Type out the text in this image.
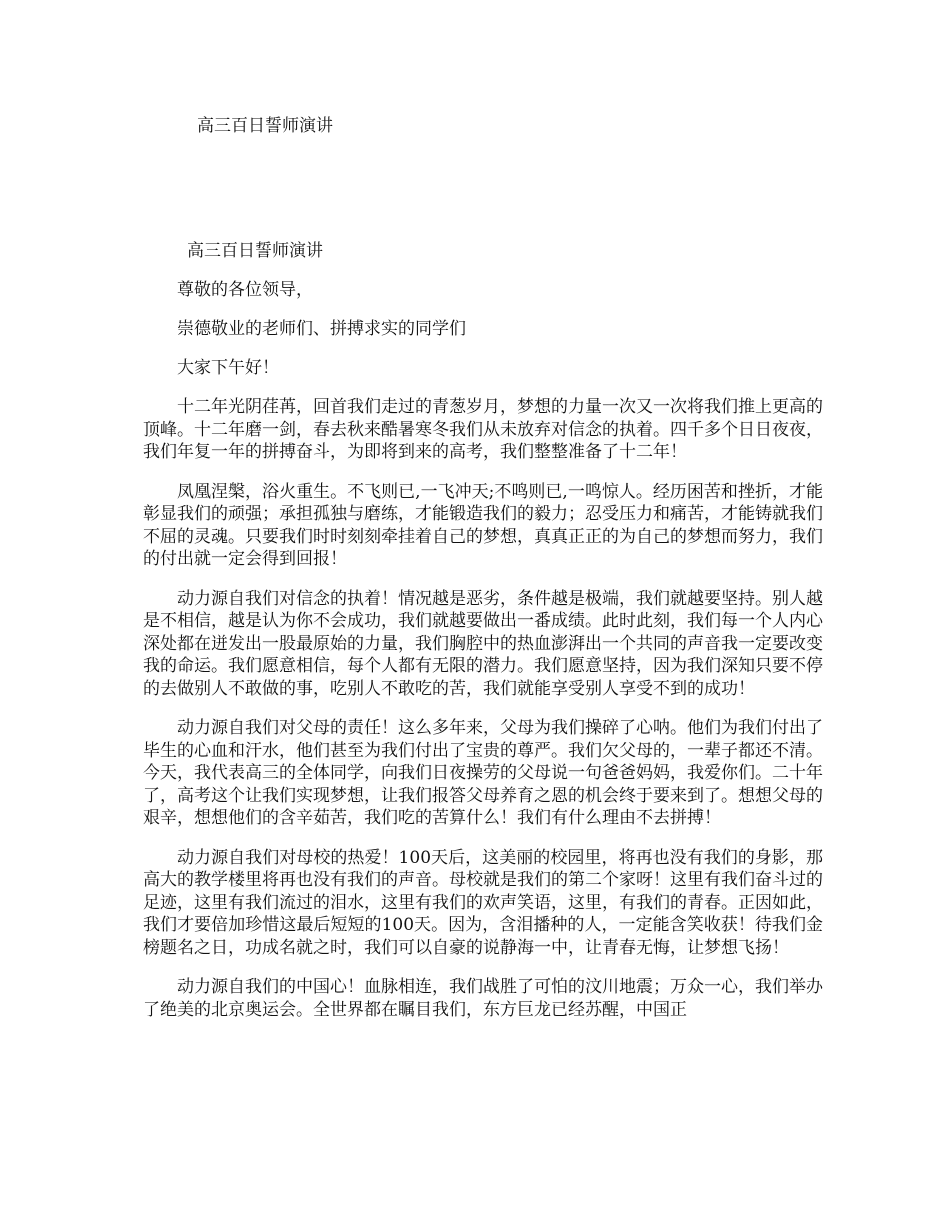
高三百日誓师演讲
高三百日誓师演讲

尊敬的各位领导，

崇德敬业的老师们、拼搏求实的同学们

大家下午好！

十二年光阴荏苒，回首我们走过的青葱岁月，梦想的力量一次又一次将我们推上更高的顶峰。十二年磨一剑，春去秋来酷暑寒冬我们从未放弃对信念的执着。四千多个日日夜夜，我们年复一年的拼搏奋斗，为即将到来的高考，我们整整准备了十二年！

凤凰涅槃，浴火重生。不飞则已,一飞冲天;不鸣则已,一鸣惊人。经历困苦和挫折，才能彰显我们的顽强；承担孤独与磨练，才能锻造我们的毅力；忍受压力和痛苦，才能铸就我们不屈的灵魂。只要我们时时刻刻牵挂着自己的梦想，真真正正的为自己的梦想而努力，我们的付出就一定会得到回报！

动力源自我们对信念的执着！情况越是恶劣，条件越是极端，我们就越要坚持。别人越是不相信，越是认为你不会成功，我们就越要做出一番成绩。此时此刻，我们每一个人内心深处都在迸发出一股最原始的力量，我们胸腔中的热血澎湃出一个共同的声音我一定要改变我的命运。我们愿意相信，每个人都有无限的潜力。我们愿意坚持，因为我们深知只要不停的去做别人不敢做的事，吃别人不敢吃的苦，我们就能享受别人享受不到的成功！

动力源自我们对父母的责任！这么多年来，父母为我们操碎了心呐。他们为我们付出了毕生的心血和汗水，他们甚至为我们付出了宝贵的尊严。我们欠父母的，一辈子都还不清。今天，我代表高三的全体同学，向我们日夜操劳的父母说一句爸爸妈妈，我爱你们。二十年了，高考这个让我们实现梦想，让我们报答父母养育之恩的机会终于要来到了。想想父母的艰辛，想想他们的含辛茹苦，我们吃的苦算什么！我们有什么理由不去拼搏！

动力源自我们对母校的热爱！100天后，这美丽的校园里，将再也没有我们的身影，那高大的教学楼里将再也没有我们的声音。母校就是我们的第二个家呀！这里有我们奋斗过的足迹，这里有我们流过的泪水，这里有我们的欢声笑语，这里，有我们的青春。正因如此，我们才要倍加珍惜这最后短短的100天。因为，含泪播种的人，一定能含笑收获！待我们金榜题名之日，功成名就之时，我们可以自豪的说静海一中，让青春无悔，让梦想飞扬！

动力源自我们的中国心！血脉相连，我们战胜了可怕的汶川地震；万众一心，我们举办了绝美的北京奥运会。全世界都在瞩目我们，东方巨龙已经苏醒，中国正
